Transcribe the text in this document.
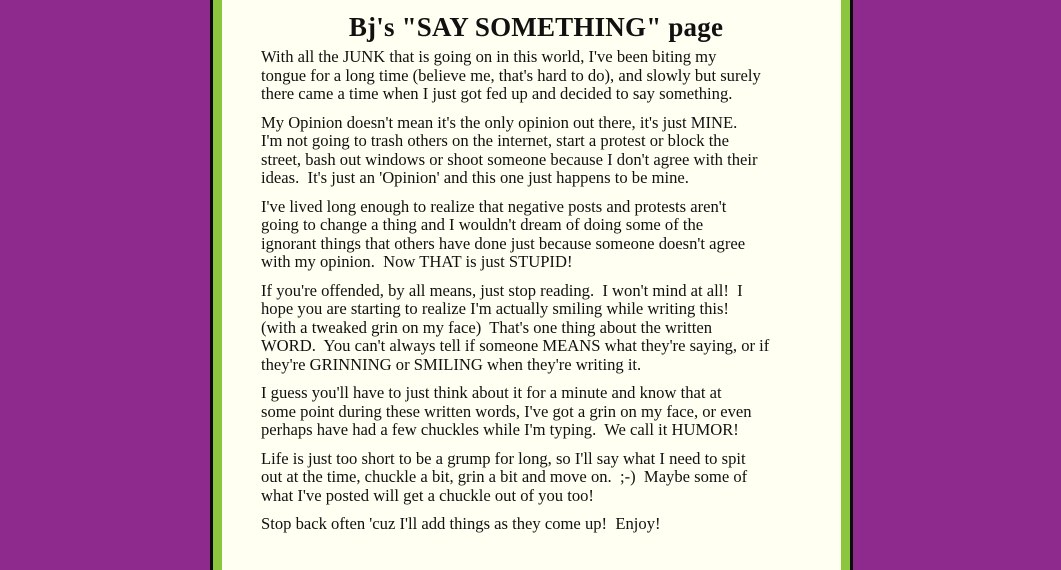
Bj's "SAY SOMETHING" page

With all the JUNK that is going on in this world, I've been biting my
tongue for a long time (believe me, that's hard to do), and slowly but surely
there came a time when I just got fed up and decided to say something.

My Opinion doesn't mean it's the only opinion out there, it's just MINE.
I'm not going to trash others on the internet, start a protest or block the
street, bash out windows or shoot someone because I don't agree with their
ideas.  It's just an 'Opinion' and this one just happens to be mine.

I've lived long enough to realize that negative posts and protests aren't
going to change a thing and I wouldn't dream of doing some of the
ignorant things that others have done just because someone doesn't agree
with my opinion.  Now THAT is just STUPID!

If you're offended, by all means, just stop reading.  I won't mind at all!  I
hope you are starting to realize I'm actually smiling while writing this!
(with a tweaked grin on my face)  That's one thing about the written
WORD.  You can't always tell if someone MEANS what they're saying, or if
they're GRINNING or SMILING when they're writing it.

I guess you'll have to just think about it for a minute and know that at
some point during these written words, I've got a grin on my face, or even
perhaps have had a few chuckles while I'm typing.  We call it HUMOR!

Life is just too short to be a grump for long, so I'll say what I need to spit
out at the time, chuckle a bit, grin a bit and move on.  ;-)  Maybe some of
what I've posted will get a chuckle out of you too!

Stop back often 'cuz I'll add things as they come up!  Enjoy!
